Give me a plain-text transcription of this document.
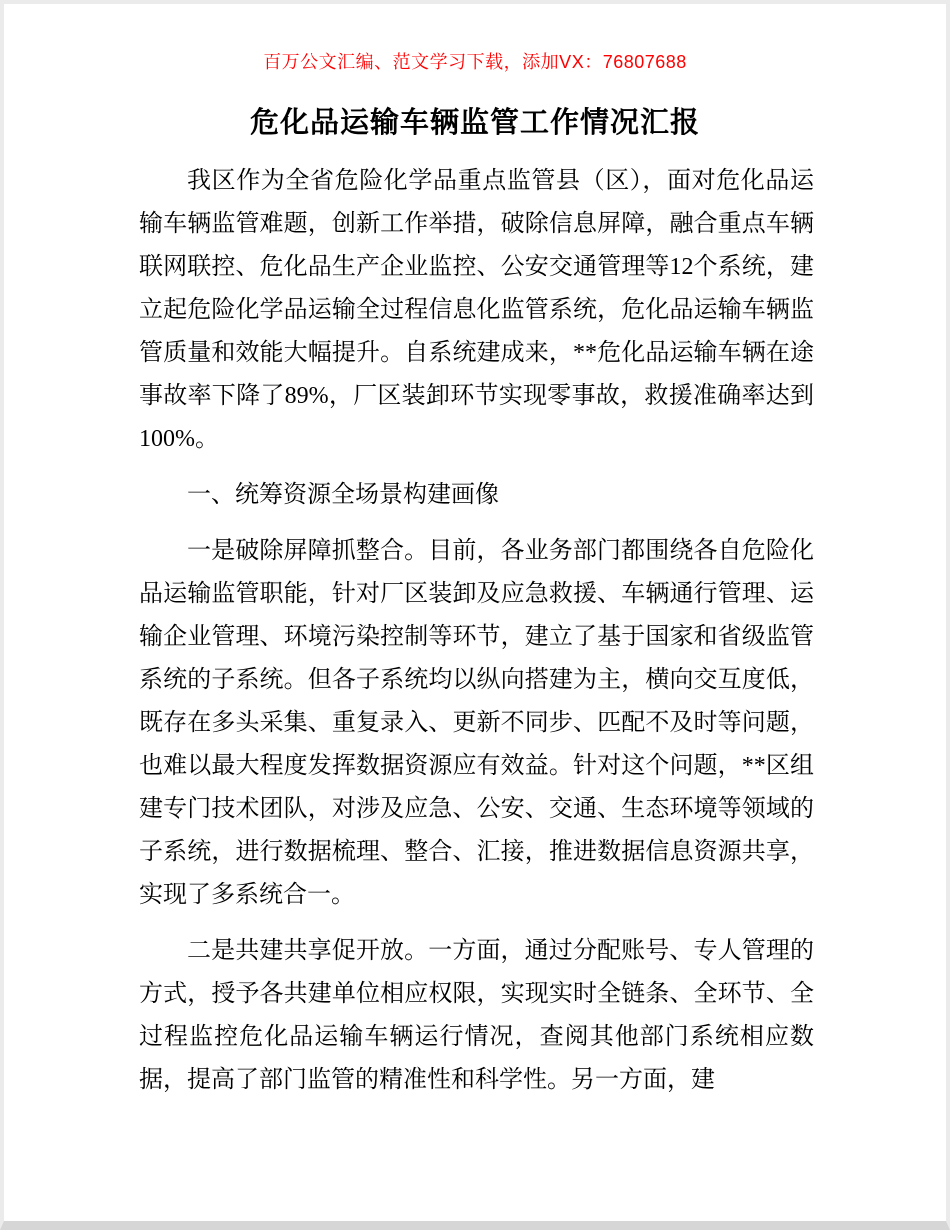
百万公文汇编、范文学习下载，添加VX：76807688
危化品运输车辆监管工作情况汇报

我区作为全省危险化学品重点监管县（区），面对危化品运输车辆监管难题，创新工作举措，破除信息屏障，融合重点车辆联网联控、危化品生产企业监控、公安交通管理等12个系统，建立起危险化学品运输全过程信息化监管系统，危化品运输车辆监管质量和效能大幅提升。自系统建成来，**危化品运输车辆在途事故率下降了89%，厂区装卸环节实现零事故，救援准确率达到100%。

一、统筹资源全场景构建画像

一是破除屏障抓整合。目前，各业务部门都围绕各自危险化品运输监管职能，针对厂区装卸及应急救援、车辆通行管理、运输企业管理、环境污染控制等环节，建立了基于国家和省级监管系统的子系统。但各子系统均以纵向搭建为主，横向交互度低，既存在多头采集、重复录入、更新不同步、匹配不及时等问题，也难以最大程度发挥数据资源应有效益。针对这个问题，**区组建专门技术团队，对涉及应急、公安、交通、生态环境等领域的子系统，进行数据梳理、整合、汇接，推进数据信息资源共享，实现了多系统合一。

二是共建共享促开放。一方面，通过分配账号、专人管理的方式，授予各共建单位相应权限，实现实时全链条、全环节、全过程监控危化品运输车辆运行情况，查阅其他部门系统相应数据，提高了部门监管的精准性和科学性。另一方面，建
